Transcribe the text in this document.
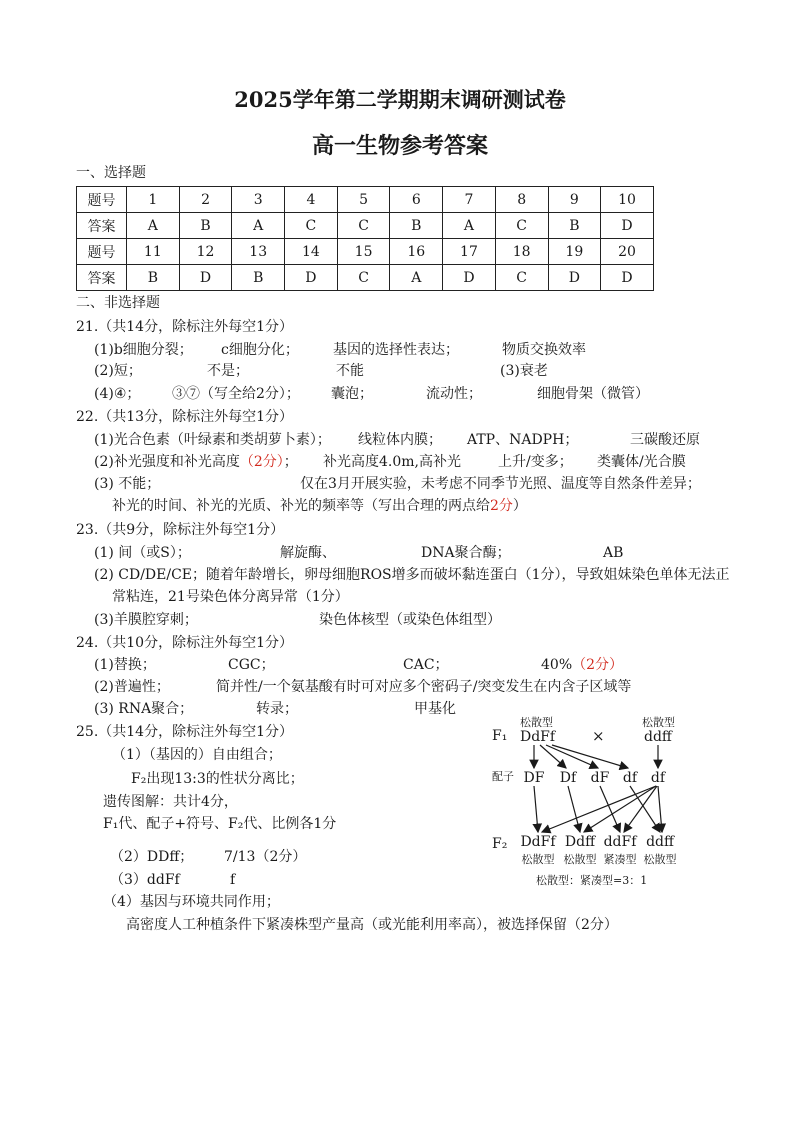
2025学年第二学期期末调研测试卷
高一生物参考答案
一、选择题
题号	1	2	3	4	5	6	7	8	9	10
答案	A	B	A	C	C	B	A	C	B	D
题号	11	12	13	14	15	16	17	18	19	20
答案	B	D	B	D	C	A	D	C	D	D
二、非选择题
21.（共14分，除标注外每空1分）
(1)b细胞分裂； c细胞分化； 基因的选择性表达；	物质交换效率
(2)短；	不是；	不能	(3)衰老
(4)④； ③⑦（写全给2分）； 囊泡；	流动性；	细胞骨架（微管）
22.（共13分，除标注外每空1分）
(1)光合色素（叶绿素和类胡萝卜素）； 线粒体内膜； ATP、NADPH；	三碳酸还原
(2)补光强度和补光高度（2分）； 补光高度4.0m,高补光	上升/变多； 类囊体/光合膜
(3) 不能；	仅在3月开展实验，未考虑不同季节光照、温度等自然条件差异；
补光的时间、补光的光质、补光的频率等（写出合理的两点给2分）
23.（共9分，除标注外每空1分）
(1) 间（或S）；	解旋酶、	DNA聚合酶；	AB
(2) CD/DE/CE；随着年龄增长，卵母细胞ROS增多而破坏黏连蛋白（1分），导致姐妹染色单体无法正
常粘连，21号染色体分离异常（1分）
(3)羊膜腔穿刺；	染色体核型（或染色体组型）
24.（共10分，除标注外每空1分）
(1)替换；	CGC；	CAC；	40%（2分）
(2)普遍性；	简并性/一个氨基酸有时可对应多个密码子/突变发生在内含子区域等
(3) RNA聚合；	转录；	甲基化
25.（共14分，除标注外每空1分）
（1）（基因的）自由组合；
F₂出现13:3的性状分离比；
遗传图解：共计4分，
F₁代、配子+符号、F₂代、比例各1分
（2）DDff； 7/13（2分）
（3）ddFf	f
（4）基因与环境共同作用；
高密度人工种植条件下紧凑株型产量高（或光能利用率高），被选择保留（2分）
F₁
松散型
DdFf ×
松散型
ddff
配子
F₂
DF Df dF df df
DdFf
松散型
Ddff
松散型
ddFf
紧凑型
ddff
松散型
松散型：紧凑型=3：1
